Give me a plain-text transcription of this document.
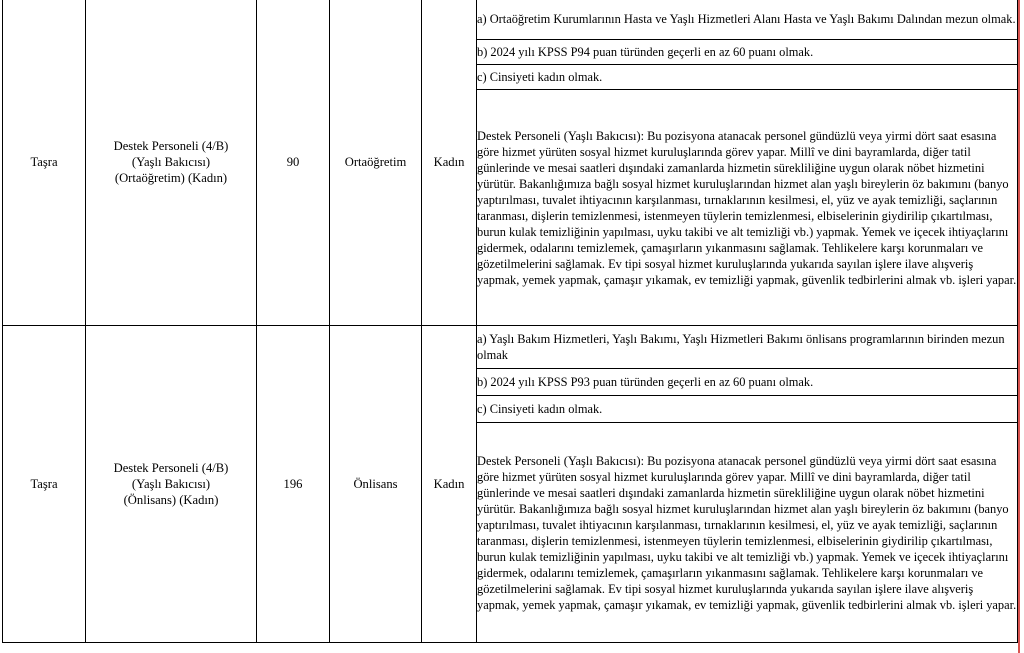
Taşra	Destek Personeli (4/B)
(Yaşlı Bakıcısı)
(Ortaöğretim) (Kadın)	90	Ortaöğretim	Kadın	a) Ortaöğretim Kurumlarının Hasta ve Yaşlı Hizmetleri Alanı Hasta ve Yaşlı Bakımı Dalından mezun olmak.
					b) 2024 yılı KPSS P94 puan türünden geçerli en az 60 puanı olmak.
					c) Cinsiyeti kadın olmak.
					Destek Personeli (Yaşlı Bakıcısı): Bu pozisyona atanacak personel gündüzlü veya yirmi dört saat esasına göre hizmet yürüten sosyal hizmet kuruluşlarında görev yapar. Millî ve dini bayramlarda, diğer tatil günlerinde ve mesai saatleri dışındaki zamanlarda hizmetin sürekliliğine uygun olarak nöbet hizmetini yürütür. Bakanlığımıza bağlı sosyal hizmet kuruluşlarından hizmet alan yaşlı bireylerin öz bakımını (banyo yaptırılması, tuvalet ihtiyacının karşılanması, tırnaklarının kesilmesi, el, yüz ve ayak temizliği, saçlarının taranması, dişlerin temizlenmesi, istenmeyen tüylerin temizlenmesi, elbiselerinin giydirilip çıkartılması, burun kulak temizliğinin yapılması, uyku takibi ve alt temizliği vb.) yapmak. Yemek ve içecek ihtiyaçlarını gidermek, odalarını temizlemek, çamaşırların yıkanmasını sağlamak. Tehlikelere karşı korunmaları ve gözetilmelerini sağlamak. Ev tipi sosyal hizmet kuruluşlarında yukarıda sayılan işlere ilave alışveriş yapmak, yemek yapmak, çamaşır yıkamak, ev temizliği yapmak, güvenlik tedbirlerini almak vb. işleri yapar.
Taşra	Destek Personeli (4/B)
(Yaşlı Bakıcısı)
(Önlisans) (Kadın)	196	Önlisans	Kadın	a) Yaşlı Bakım Hizmetleri, Yaşlı Bakımı, Yaşlı Hizmetleri Bakımı önlisans programlarının birinden mezun olmak
					b) 2024 yılı KPSS P93 puan türünden geçerli en az 60 puanı olmak.
					c) Cinsiyeti kadın olmak.
					Destek Personeli (Yaşlı Bakıcısı): Bu pozisyona atanacak personel gündüzlü veya yirmi dört saat esasına göre hizmet yürüten sosyal hizmet kuruluşlarında görev yapar. Millî ve dini bayramlarda, diğer tatil günlerinde ve mesai saatleri dışındaki zamanlarda hizmetin sürekliliğine uygun olarak nöbet hizmetini yürütür. Bakanlığımıza bağlı sosyal hizmet kuruluşlarından hizmet alan yaşlı bireylerin öz bakımını (banyo yaptırılması, tuvalet ihtiyacının karşılanması, tırnaklarının kesilmesi, el, yüz ve ayak temizliği, saçlarının taranması, dişlerin temizlenmesi, istenmeyen tüylerin temizlenmesi, elbiselerinin giydirilip çıkartılması, burun kulak temizliğinin yapılması, uyku takibi ve alt temizliği vb.) yapmak. Yemek ve içecek ihtiyaçlarını gidermek, odalarını temizlemek, çamaşırların yıkanmasını sağlamak. Tehlikelere karşı korunmaları ve gözetilmelerini sağlamak. Ev tipi sosyal hizmet kuruluşlarında yukarıda sayılan işlere ilave alışveriş yapmak, yemek yapmak, çamaşır yıkamak, ev temizliği yapmak, güvenlik tedbirlerini almak vb. işleri yapar.
